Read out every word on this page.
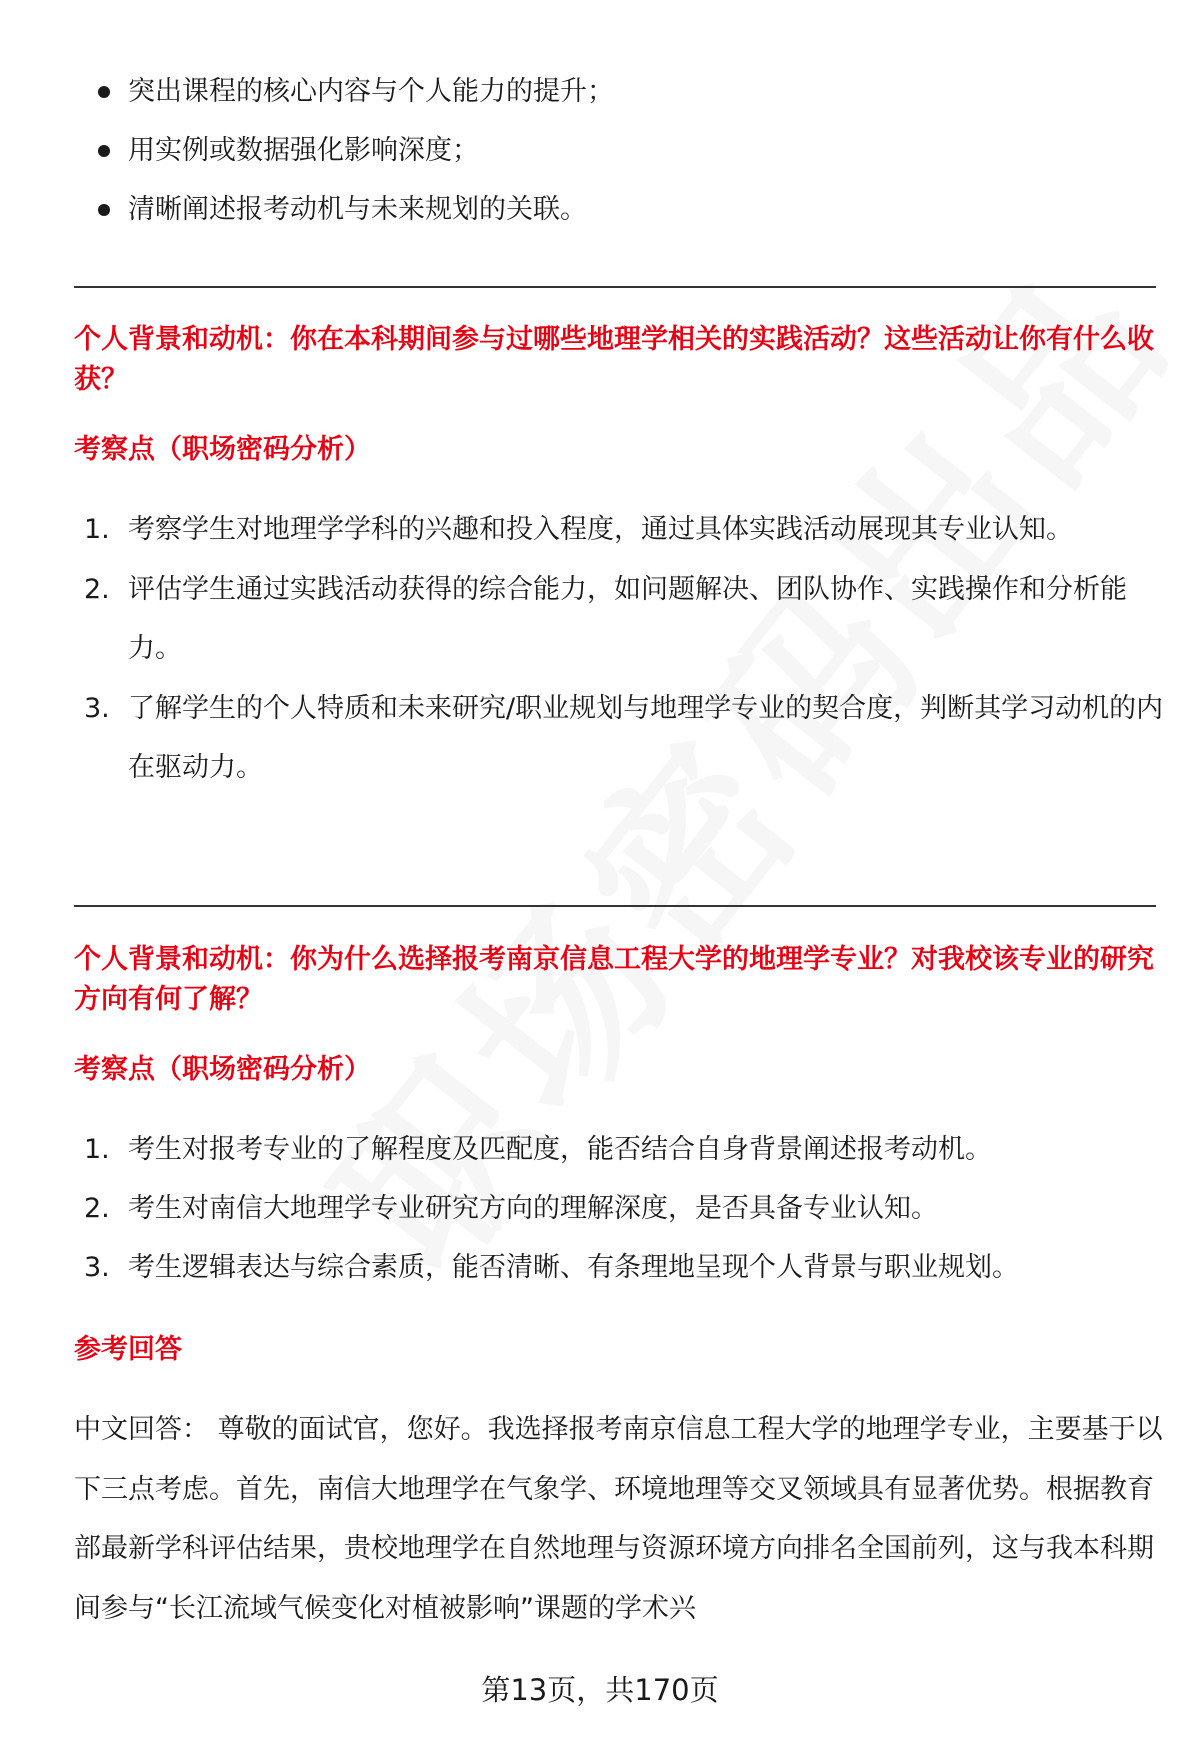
突出课程的核心内容与个人能力的提升；
用实例或数据强化影响深度；
清晰阐述报考动机与未来规划的关联。
个人背景和动机：你在本科期间参与过哪些地理学相关的实践活动？这些活动让你有什么收获？
考察点（职场密码分析）
1. 考察学生对地理学学科的兴趣和投入程度，通过具体实践活动展现其专业认知。
2. 评估学生通过实践活动获得的综合能力，如问题解决、团队协作、实践操作和分析能力。
3. 了解学生的个人特质和未来研究/职业规划与地理学专业的契合度，判断其学习动机的内在驱动力。
个人背景和动机：你为什么选择报考南京信息工程大学的地理学专业？对我校该专业的研究方向有何了解？
考察点（职场密码分析）
1. 考生对报考专业的了解程度及匹配度，能否结合自身背景阐述报考动机。
2. 考生对南信大地理学专业研究方向的理解深度，是否具备专业认知。
3. 考生逻辑表达与综合素质，能否清晰、有条理地呈现个人背景与职业规划。
参考回答

中文回答： 尊敬的面试官，您好。我选择报考南京信息工程大学的地理学专业，主要基于以下三点考虑。首先，南信大地理学在气象学、环境地理等交叉领域具有显著优势。根据教育部最新学科评估结果，贵校地理学在自然地理与资源环境方向排名全国前列，这与我本科期间参与“长江流域气候变化对植被影响”课题的学术兴

第13页，共170页
